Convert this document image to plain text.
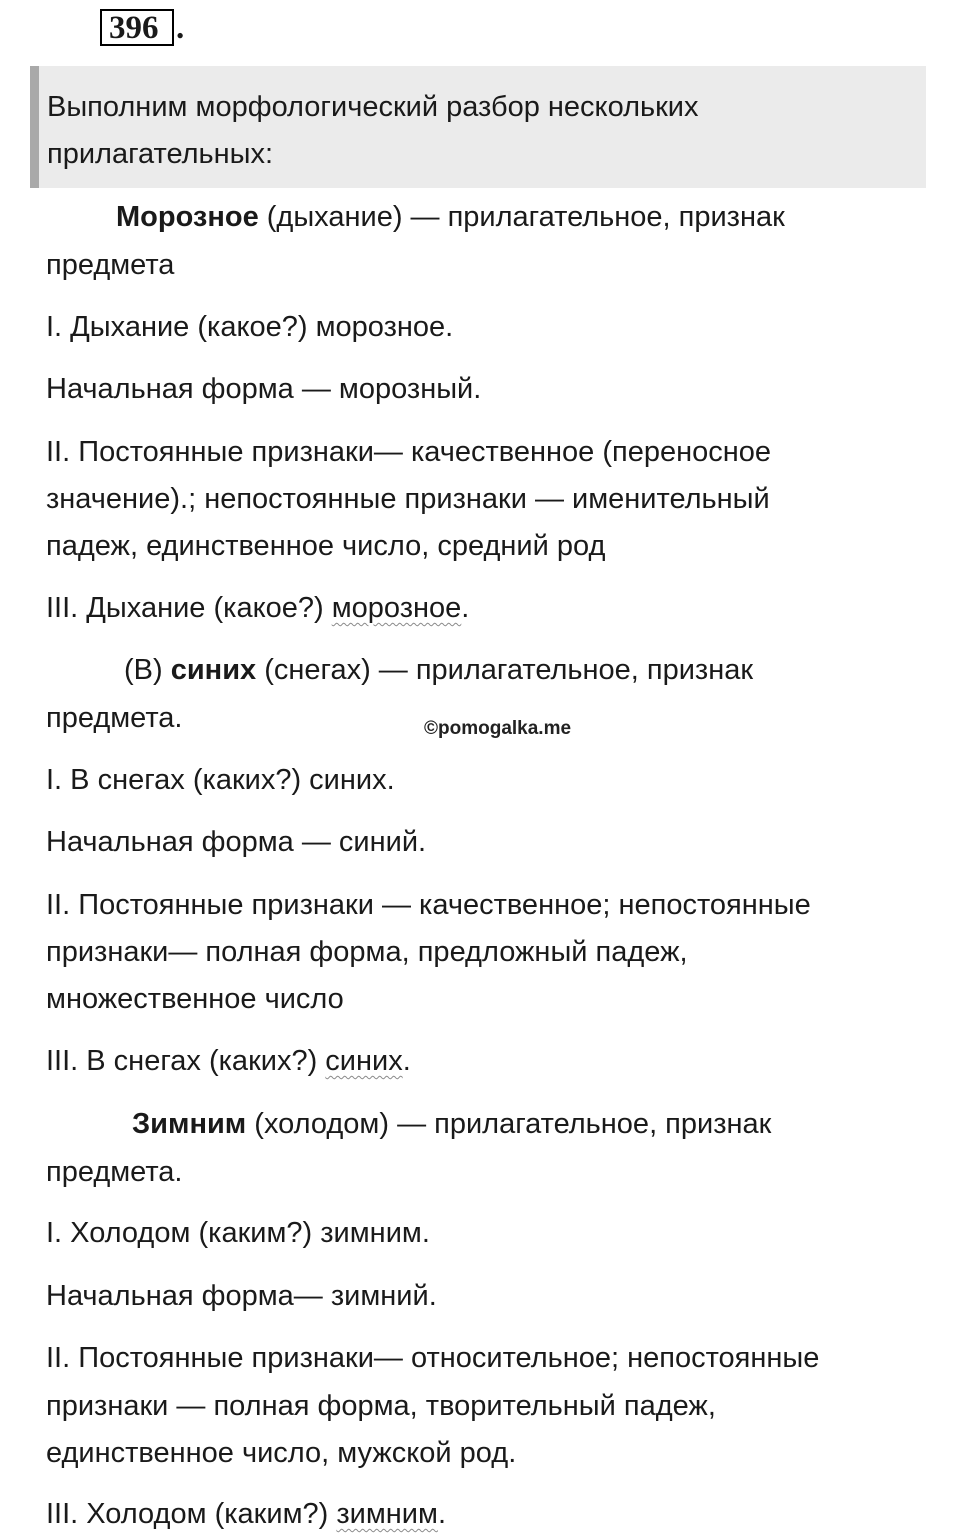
396 .

Выполним морфологический разбор нескольких прилагательных:

Морозное (дыхание) — прилагательное, признак

предмета

I. Дыхание (какое?) морозное.

Начальная форма — морозный.

II. Постоянные признаки— качественное (переносное

значение).; непостоянные признаки — именительный

падеж, единственное число, средний род

III. Дыхание (какое?) морозное.

(В) синих (снегах) — прилагательное, признак

предмета.	©pomogalka.me

I. В снегах (каких?) синих.

Начальная форма — синий.

II. Постоянные признаки — качественное; непостоянные

признаки— полная форма, предложный падеж,

множественное число

III. В снегах (каких?) синих.

Зимним (холодом) — прилагательное, признак

предмета.

I. Холодом (каким?) зимним.

Начальная форма— зимний.

II. Постоянные признаки— относительное; непостоянные

признаки — полная форма, творительный падеж,

единственное число, мужской род.

III. Холодом (каким?) зимним.
